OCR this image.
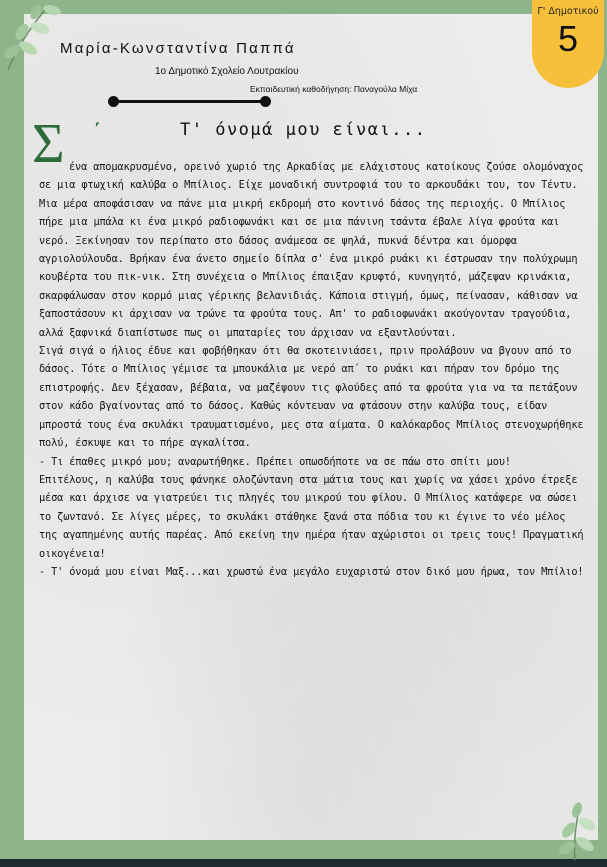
Γ' Δημοτικού
5
Μαρία-Κωνσταντίνα Παππά
1ο Δημοτικό Σχολείο Λουτρακίου
Εκπαιδευτική καθοδήγηση: Παναγούλα Μίχα
Τ' όνομά μου είναι...
Σ ΄

ένα απομακρυσμένο, ορεινό χωριό της Αρκαδίας με ελάχιστους κατοίκους ζούσε ολομόναχος σε μια φτωχική καλύβα ο Μπίλιος. Είχε μοναδική συντροφιά του το αρκουδάκι του, τον Τέντυ.

Μια μέρα αποφάσισαν να πάνε μια μικρή εκδρομή στο κοντινό δάσος της περιοχής. Ο Μπίλιος πήρε μια μπάλα κι ένα μικρό ραδιοφωνάκι και σε μια πάνινη τσάντα έβαλε λίγα φρούτα και νερό. Ξεκίνησαν τον περίπατο στο δάσος ανάμεσα σε ψηλά, πυκνά δέντρα και όμορφα αγριολούλουδα. Βρήκαν ένα άνετο σημείο δίπλα σ' ένα μικρό ρυάκι κι έστρωσαν την πολύχρωμη κουβέρτα του πικ-νικ. Στη συνέχεια ο Μπίλιος έπαιξαν κρυφτό, κυνηγητό, μάζεψαν κρινάκια, σκαρφάλωσαν στον κορμό μιας γέρικης βελανιδιάς. Κάποια στιγμή, όμως, πείνασαν, κάθισαν να ξαποστάσουν κι άρχισαν να τρώνε τα φρούτα τους. Απ' το ραδιοφωνάκι ακούγονταν τραγούδια, αλλά ξαφνικά διαπίστωσε πως οι μπαταρίες του άρχισαν να εξαντλούνται.

Σιγά σιγά ο ήλιος έδυε και φοβήθηκαν ότι θα σκοτεινιάσει, πριν προλάβουν να βγουν από το δάσος. Τότε ο Μπίλιος γέμισε τα μπουκάλια με νερό απ΄ το ρυάκι και πήραν τον δρόμο της επιστροφής. Δεν ξέχασαν, βέβαια, να μαζέψουν τις φλούδες από τα φρούτα για να τα πετάξουν στον κάδο βγαίνοντας από το δάσος. Καθώς κόντευαν να φτάσουν στην καλύβα τους, είδαν μπροστά τους ένα σκυλάκι τραυματισμένο, μες στα αίματα. Ο καλόκαρδος Μπίλιος στενοχωρήθηκε πολύ, έσκυψε και το πήρε αγκαλίτσα.

- Τι έπαθες μικρό μου; αναρωτήθηκε. Πρέπει οπωσδήποτε να σε πάω στο σπίτι μου!

Επιτέλους, η καλύβα τους φάνηκε ολοζώντανη στα μάτια τους και χωρίς να χάσει χρόνο έτρεξε μέσα και άρχισε να γιατρεύει τις πληγές του μικρού του φίλου. Ο Μπίλιος κατάφερε να σώσει το ζωντανό. Σε λίγες μέρες, το σκυλάκι στάθηκε ξανά στα πόδια του κι έγινε το νέο μέλος της αγαπημένης αυτής παρέας. Από εκείνη την ημέρα ήταν αχώριστοι οι τρεις τους! Πραγματική οικογένεια!

- Τ' όνομά μου είναι Μαξ...και χρωστώ ένα μεγάλο ευχαριστώ στον δικό μου ήρωα, τον Μπίλιο!
